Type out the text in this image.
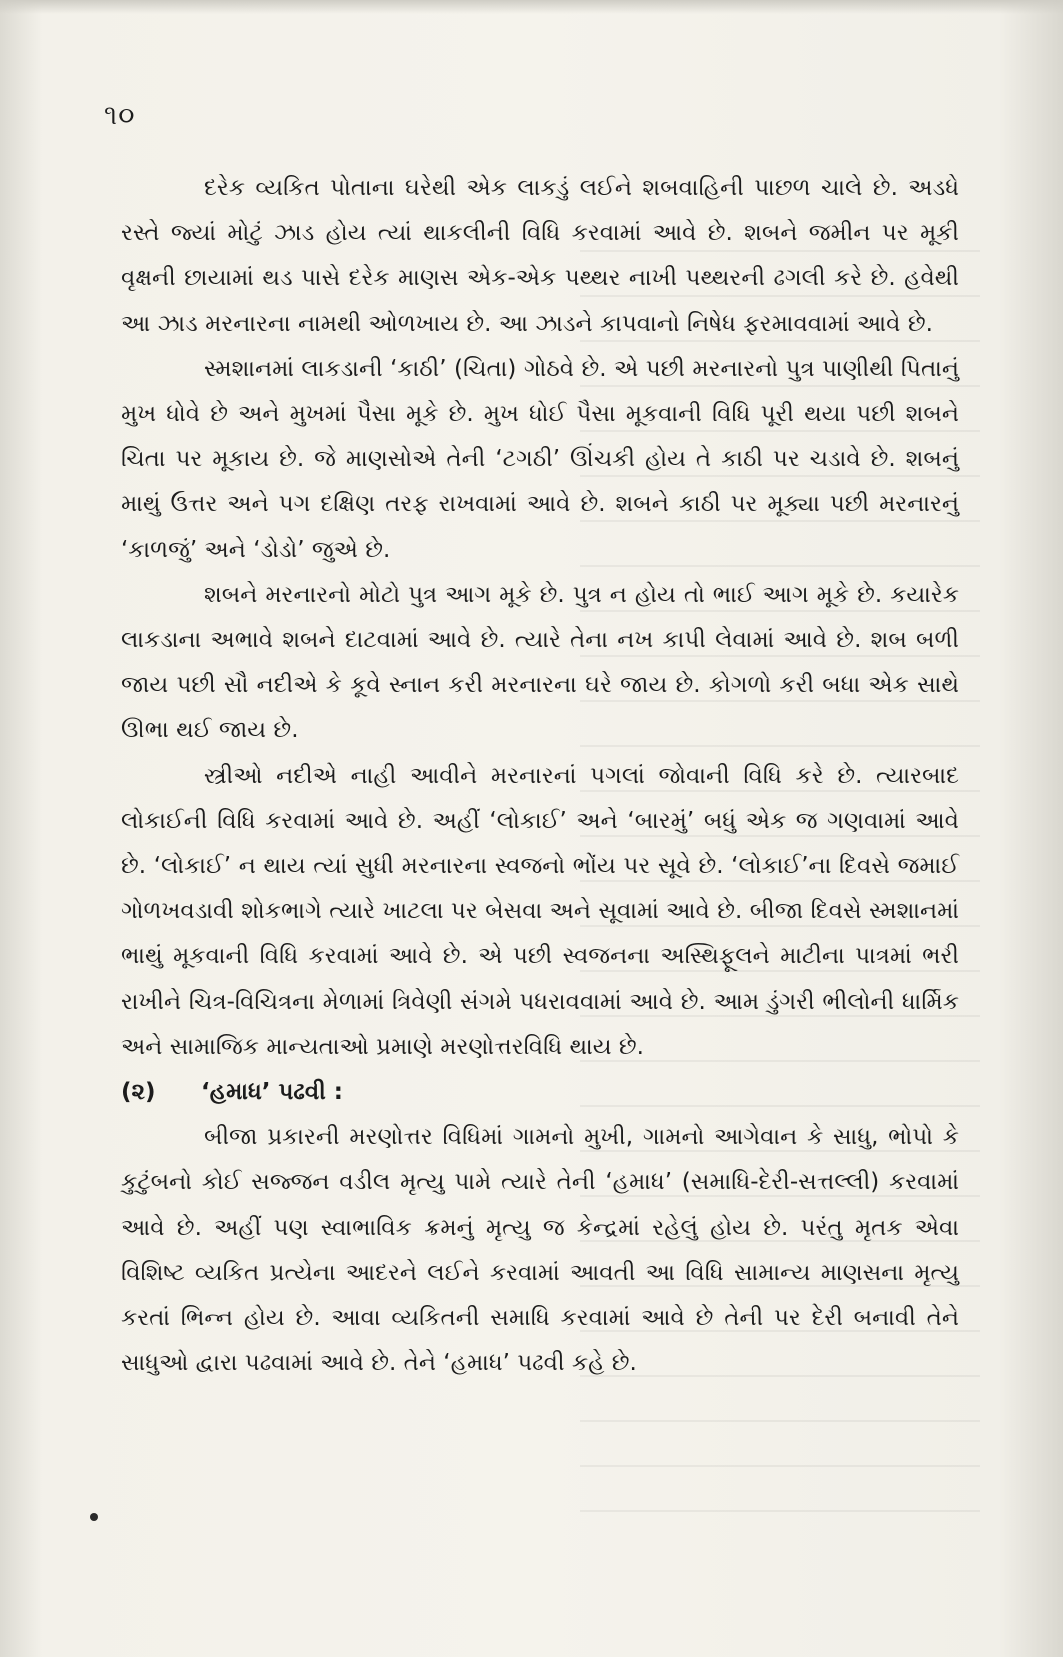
૧૦

દરેક વ્યકિત પોતાના ઘરેથી એક લાકડું લઈને શબવાહિની પાછળ ચાલે છે. અડધે રસ્તે જ્યાં મોટું ઝાડ હોય ત્યાં થાકલીની વિધિ કરવામાં આવે છે. શબને જમીન પર મૂકી વૃક્ષની છાયામાં થડ પાસે દરેક માણસ એક-એક પથ્થર નાખી પથ્થરની ઢગલી કરે છે. હવેથી આ ઝાડ મરનારના નામથી ઓળખાય છે. આ ઝાડને કાપવાનો નિષેધ ફરમાવવામાં આવે છે.

સ્મશાનમાં લાકડાની ‘કાઠી’ (ચિતા) ગોઠવે છે. એ પછી મરનારનો પુત્ર પાણીથી પિતાનું મુખ ધોવે છે અને મુખમાં પૈસા મૂકે છે. મુખ ધોઈ પૈસા મૂકવાની વિધિ પૂરી થયા પછી શબને ચિતા પર મૂકાય છે. જે માણસોએ તેની ‘ટગઠી’ ઊંચકી હોય તે કાઠી પર ચડાવે છે. શબનું માથું ઉત્તર અને પગ દક્ષિણ તરફ રાખવામાં આવે છે. શબને કાઠી પર મૂક્યા પછી મરનારનું ‘કાળજું’ અને ‘ડોડો’ જુએ છે.

શબને મરનારનો મોટો પુત્ર આગ મૂકે છે. પુત્ર ન હોય તો ભાઈ આગ મૂકે છે. કયારેક લાકડાના અભાવે શબને દાટવામાં આવે છે. ત્યારે તેના નખ કાપી લેવામાં આવે છે. શબ બળી જાય પછી સૌ નદીએ કે કૂવે સ્નાન કરી મરનારના ઘરે જાય છે. કોગળો કરી બધા એક સાથે ઊભા થઈ જાય છે.

સ્ત્રીઓ નદીએ નાહી આવીને મરનારનાં પગલાં જોવાની વિધિ કરે છે. ત્યારબાદ લોકાઈની વિધિ કરવામાં આવે છે. અહીં ‘લોકાઈ’ અને ‘બારમું’ બધું એક જ ગણવામાં આવે છે. ‘લોકાઈ’ ન થાય ત્યાં સુધી મરનારના સ્વજનો ભોંય પર સૂવે છે. ‘લોકાઈ’ના દિવસે જમાઈ ગોળખવડાવી શોકભાગે ત્યારે ખાટલા પર બેસવા અને સૂવામાં આવે છે. બીજા દિવસે સ્મશાનમાં ભાથું મૂકવાની વિધિ કરવામાં આવે છે. એ પછી સ્વજનના અસ્થિફૂલને માટીના પાત્રમાં ભરી રાખીને ચિત્ર-વિચિત્રના મેળામાં ત્રિવેણી સંગમે પધરાવવામાં આવે છે. આમ ડુંગરી ભીલોની ધાર્મિક અને સામાજિક માન્યતાઓ પ્રમાણે મરણોત્તરવિધિ થાય છે.

(૨)	‘હમાધ’ પઢવી :

બીજા પ્રકારની મરણોત્તર વિધિમાં ગામનો મુખી, ગામનો આગેવાન કે સાધુ, ભોપો કે કુટુંબનો કોઈ સજ્જન વડીલ મૃત્યુ પામે ત્યારે તેની ‘હમાધ’ (સમાધિ-દેરી-સત્તલ્લી) કરવામાં આવે છે. અહીં પણ સ્વાભાવિક ક્રમનું મૃત્યુ જ કેન્દ્રમાં રહેલું હોય છે. પરંતુ મૃતક એવા વિશિષ્ટ વ્યકિત પ્રત્યેના આદરને લઈને કરવામાં આવતી આ વિધિ સામાન્ય માણસના મૃત્યુ કરતાં ભિન્ન હોય છે. આવા વ્યકિતની સમાધિ કરવામાં આવે છે તેની પર દેરી બનાવી તેને સાધુઓ દ્વારા પઢવામાં આવે છે. તેને ‘હમાધ’ પઢવી કહે છે.
